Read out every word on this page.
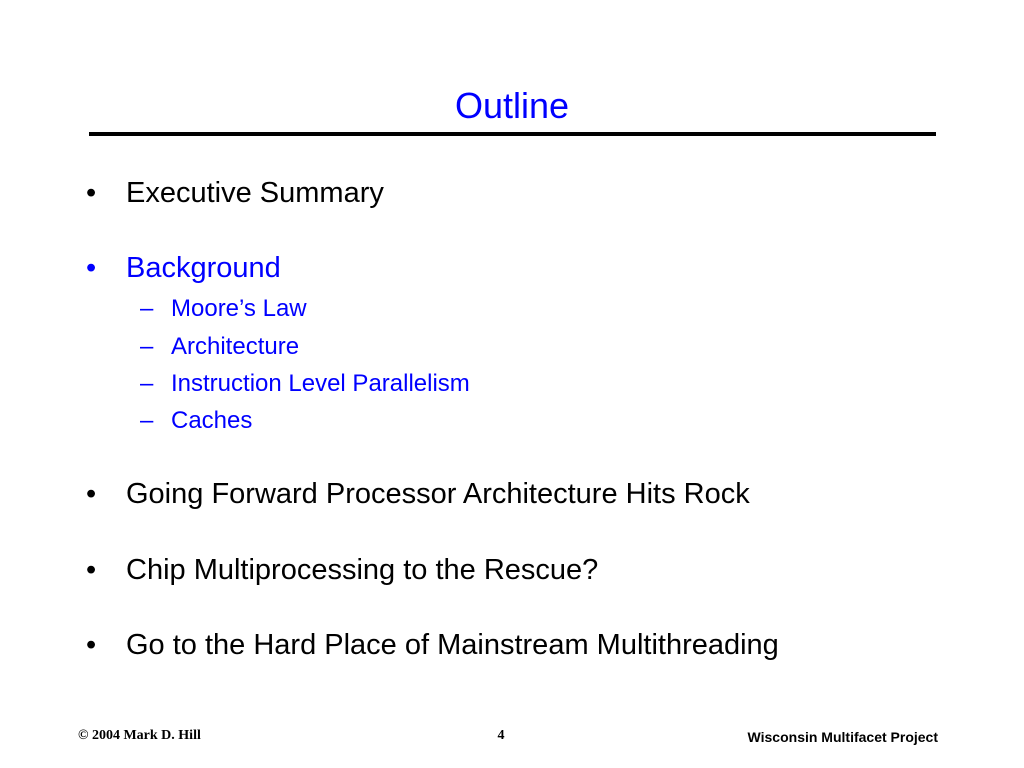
Outline
• Executive Summary
• Background
– Moore’s Law
– Architecture
– Instruction Level Parallelism
– Caches
• Going Forward Processor Architecture Hits Rock
• Chip Multiprocessing to the Rescue?
• Go to the Hard Place of Mainstream Multithreading
© 2004 Mark D. Hill	4	Wisconsin Multifacet Project
